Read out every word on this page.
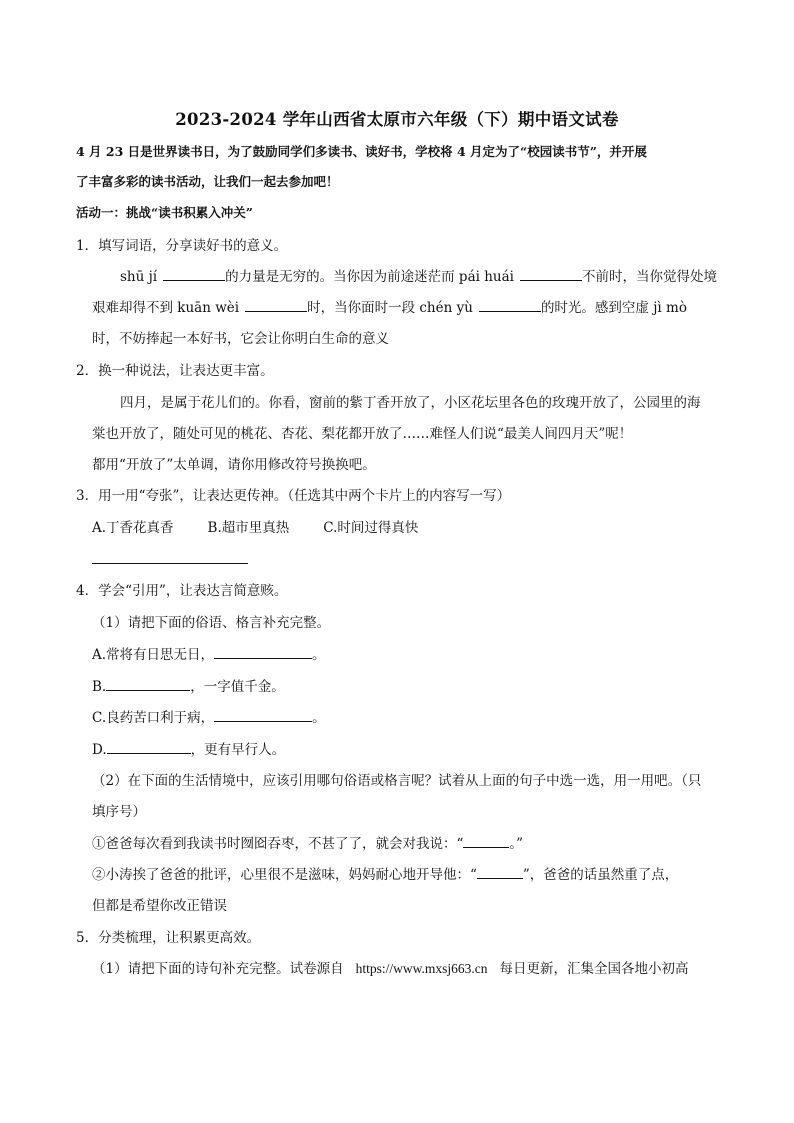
2023-2024 学年山西省太原市六年级（下）期中语文试卷
4 月 23 日是世界读书日，为了鼓励同学们多读书、读好书，学校将 4 月定为了“校园读书节”，并开展
了丰富多彩的读书活动，让我们一起去参加吧！
活动一：挑战“读书积累入冲关”
1．填写词语，分享读好书的意义。
shū jí	的力量是无穷的。当你因为前途迷茫而 pái huái	不前时，当你觉得处境
艰难却得不到 kuān wèi	时，当你面时一段 chén yù	的时光。感到空虚 jì mò
时，不妨捧起一本好书，它会让你明白生命的意义
2．换一种说法，让表达更丰富。
四月，是属于花儿们的。你看，窗前的紫丁香开放了，小区花坛里各色的玫瑰开放了，公园里的海
棠也开放了，随处可见的桃花、杏花、梨花都开放了……难怪人们说“最美人间四月天”呢！
都用“开放了”太单调，请你用修改符号换换吧。
3．用一用“夸张”，让表达更传神。（任选其中两个卡片上的内容写一写）
A.丁香花真香	B.超市里真热	C.时间过得真快
4．学会“引用”，让表达言简意赅。
（1）请把下面的俗语、格言补充完整。
A.常将有日思无日，	。
B.	，一字值千金。
C.良药苦口利于病，	。
D.	，更有早行人。
（2）在下面的生活情境中，应该引用哪句俗语或格言呢？试着从上面的句子中选一选，用一用吧。（只
填序号）
①爸爸每次看到我读书时囫囵吞枣，不甚了了，就会对我说：“	。”
②小涛挨了爸爸的批评，心里很不是滋味，妈妈耐心地开导他：“	”，爸爸的话虽然重了点，
但都是希望你改正错误
5．分类梳理，让积累更高效。
（1）请把下面的诗句补充完整。试卷源自 https://www.mxsj663.cn 每日更新，汇集全国各地小初高
